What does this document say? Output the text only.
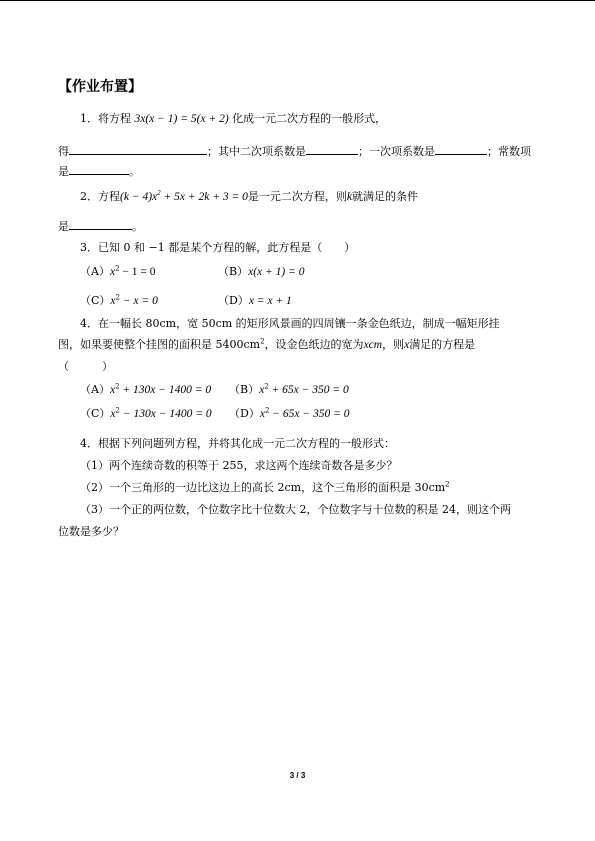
【作业布置】
1．将方程 3x(x − 1) = 5(x + 2) 化成一元二次方程的一般形式，
得	；其中二次项系数是	；一次项系数是	；常数项
是	。
2．方程$(k - 4)x^2 + 5x + 2k + 3 = 0$是一元二次方程，则k就满足的条件
是	。
3．已知 0 和 −1 都是某个方程的解，此方程是（　　）
$(A)x^2 - 1 = 0$	（B）x(x + 1) = 0
$(C)x^2 - x = 0$	（D）x = x + 1
4．在一幅长 80cm，宽 50cm 的矩形风景画的四周镶一条金色纸边，制成一幅矩形挂
图，如果要使整个挂图的面积是 $5400cm^2$，设金色纸边的宽为xcm，则x满足的方程是
（　　　）
$(A)x^2 + 130x - 1400 = 0$ $(B)x^2 + 65x - 350 = 0$
$(C)x^2 - 130x - 1400 = 0$ $(D)x^2 - 65x - 350 = 0$
4．根据下列问题列方程，并将其化成一元二次方程的一般形式：
（1）两个连续奇数的积等于 255，求这两个连续奇数各是多少？
（2）一个三角形的一边比这边上的高长 2cm，这个三角形的面积是 $30cm^2$
（3）一个正的两位数，个位数字比十位数大 2，个位数字与十位数的积是 24，则这个两
位数是多少？
3 / 3
